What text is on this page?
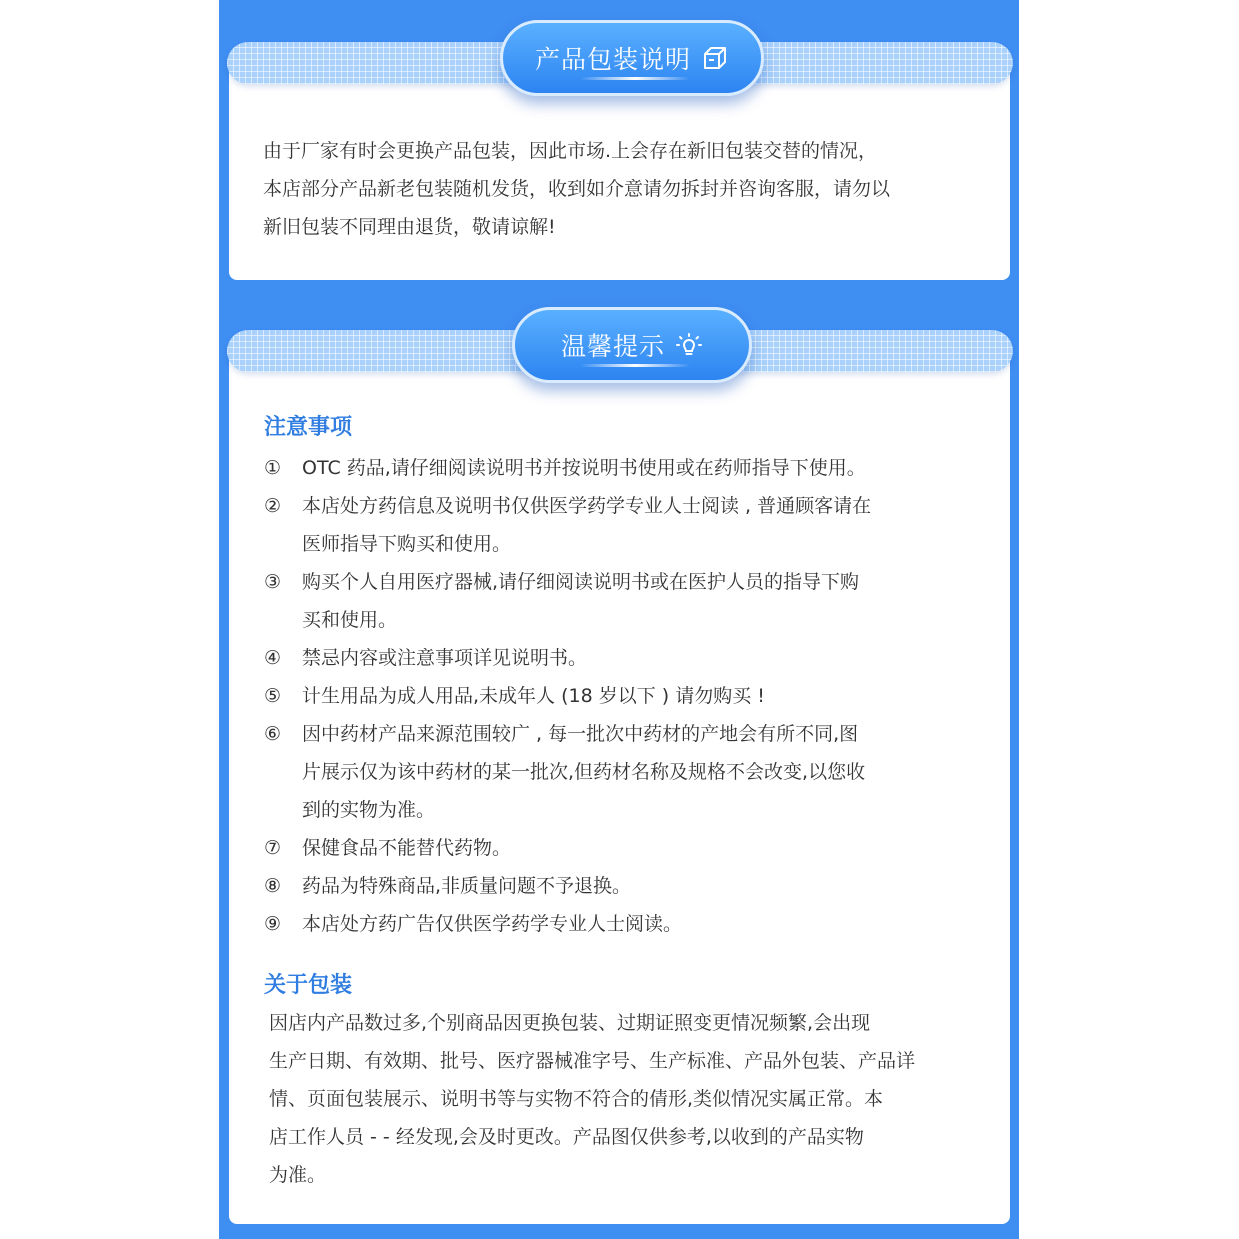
产品包装说明
温馨提示
由于厂家有时会更换产品包装，因此市场.上会存在新旧包装交替的情况，
本店部分产品新老包装随机发货，收到如介意请勿拆封并咨询客服，请勿以
新旧包装不同理由退货，敬请谅解!
注意事项
①	OTC 药品,请仔细阅读说明书并按说明书使用或在药师指导下使用。
②	本店处方药信息及说明书仅供医学药学专业人士阅读 , 普通顾客请在
医师指导下购买和使用。
③	购买个人自用医疗器械,请仔细阅读说明书或在医护人员的指导下购
买和使用。
④	禁忌内容或注意事项详见说明书。
⑤	计生用品为成人用品,未成年人 (18 岁以下 ) 请勿购买 !
⑥	因中药材产品来源范围较广 , 每一批次中药材的产地会有所不同,图
片展示仅为该中药材的某一批次,但药材名称及规格不会改变,以您收
到的实物为准。
⑦	保健食品不能替代药物。
⑧	药品为特殊商品,非质量问题不予退换。
⑨	本店处方药广告仅供医学药学专业人士阅读。
关于包装
因店内产品数过多,个别商品因更换包装、过期证照变更情况频繁,会出现
生产日期、有效期、批号、医疗器械准字号、生产标准、产品外包装、产品详
情、页面包装展示、说明书等与实物不符合的倩形,类似情况实属正常。本
店工作人员 - - 经发现,会及时更改。产品图仅供参考,以收到的产品实物
为准。
